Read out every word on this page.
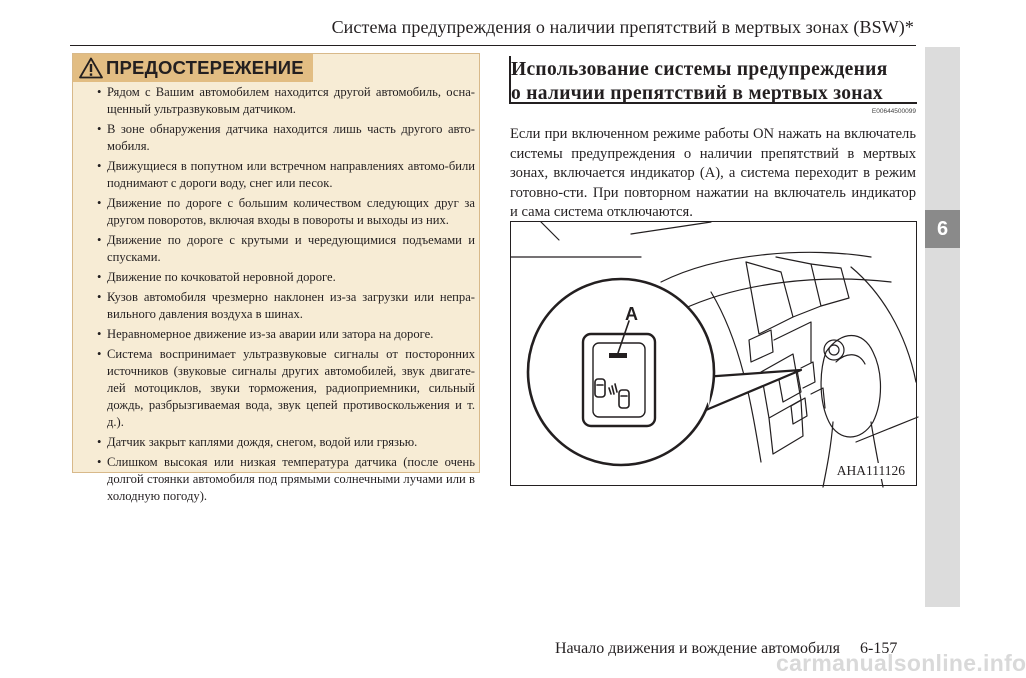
Система предупреждения о наличии препятствий в мертвых зонах (BSW)*
6
ПРЕДОСТЕРЕЖЕНИЕ
• Рядом с Вашим автомобилем находится другой автомобиль, осна-щенный ультразвуковым датчиком.
• В зоне обнаружения датчика находится лишь часть другого авто-мобиля.
• Движущиеся в попутном или встречном направлениях автомо-били поднимают с дороги воду, снег или песок.
• Движение по дороге с большим количеством следующих друг за другом поворотов, включая входы в повороты и выходы из них.
• Движение по дороге с крутыми и чередующимися подъемами и спусками.
• Движение по кочковатой неровной дороге.
• Кузов автомобиля чрезмерно наклонен из-за загрузки или непра-вильного давления воздуха в шинах.
• Неравномерное движение из-за аварии или затора на дороге.
• Система воспринимает ультразвуковые сигналы от посторонних источников (звуковые сигналы других автомобилей, звук двигате-лей мотоциклов, звуки торможения, радиоприемники, сильный дождь, разбрызгиваемая вода, звук цепей противоскольжения и т. д.).
• Датчик закрыт каплями дождя, снегом, водой или грязью.
• Слишком высокая или низкая температура датчика (после очень долгой стоянки автомобиля под прямыми солнечными лучами или в холодную погоду).
Использование системы предупреждения
о наличии препятствий в мертвых зонах
E00644500099

Если при включенном режиме работы ON нажать на включатель системы предупреждения о наличии препятствий в мертвых зонах, включается индикатор (A), а система переходит в режим готовно-сти. При повторном нажатии на включатель индикатор и сама система отключаются.

A
AHA111126
Начало движения и вождение автомобиля     6-157
carmanualsonline.info
